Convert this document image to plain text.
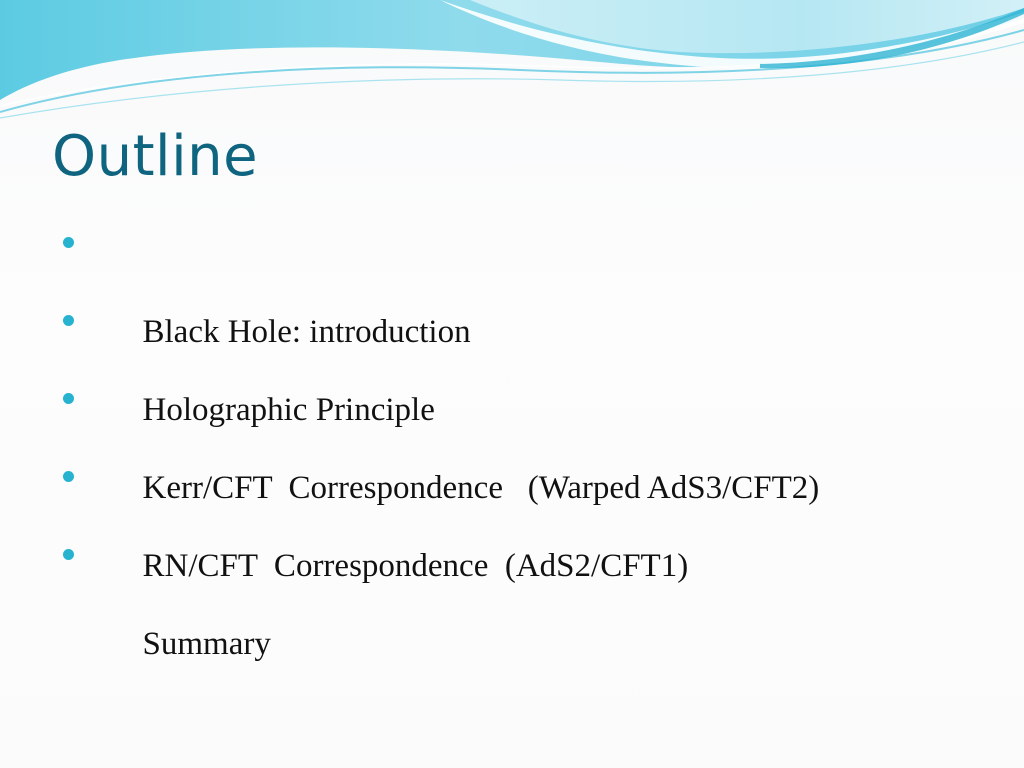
Outline

Black Hole: introduction

Holographic Principle

Kerr/CFT  Correspondence   (Warped AdS3/CFT2)

RN/CFT  Correspondence  (AdS2/CFT1)

Summary
